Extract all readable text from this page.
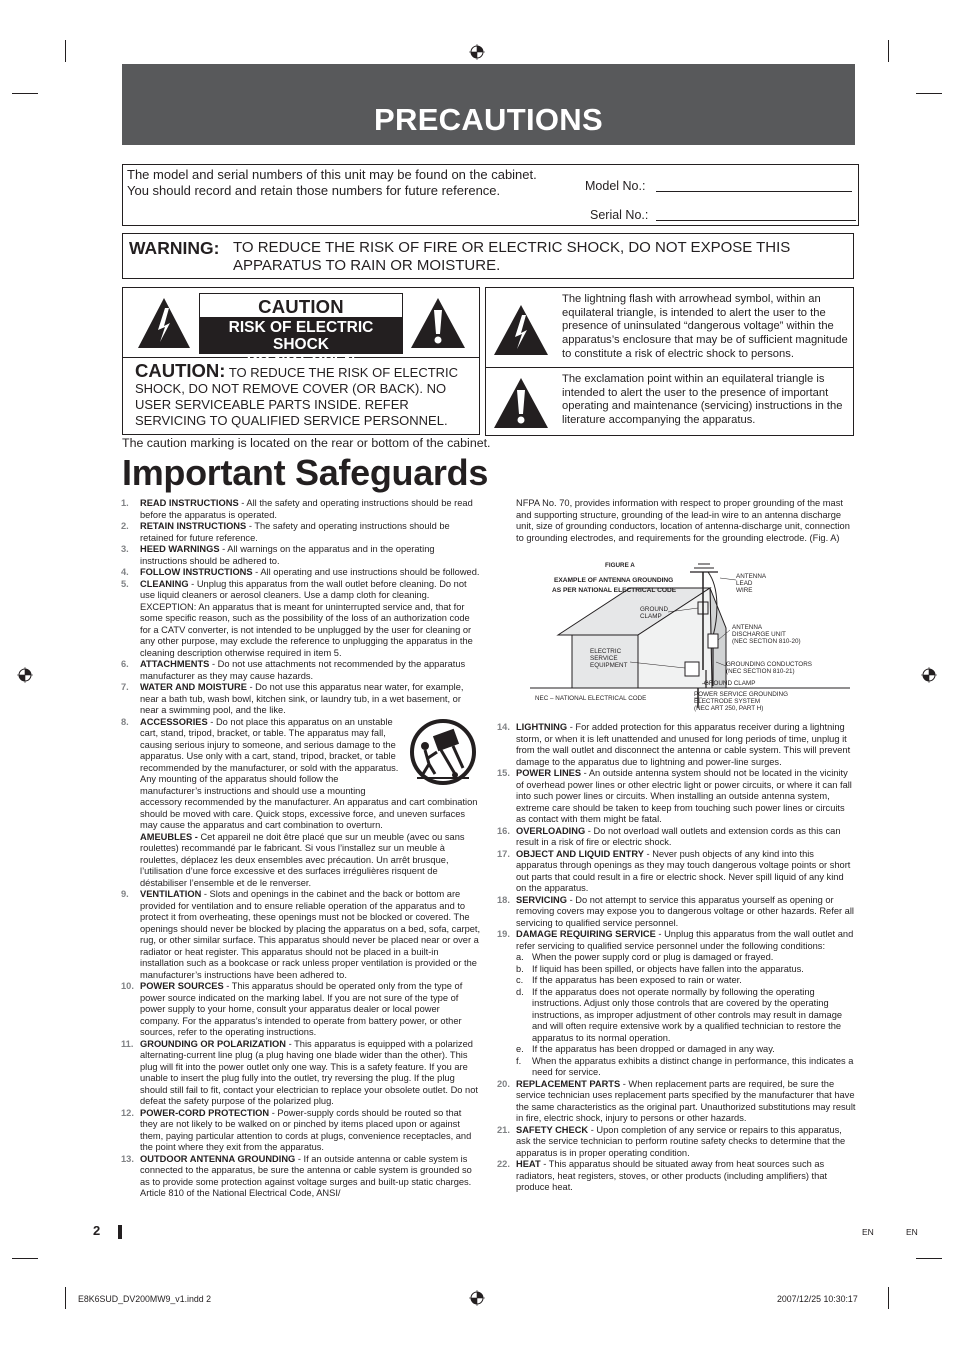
PRECAUTIONS
The model and serial numbers of this unit may be found on the cabinet.
You should record and retain those numbers for future reference.	Model No.:
Serial No.:
WARNING: TO REDUCE THE RISK OF FIRE OR ELECTRIC SHOCK, DO NOT EXPOSE THIS APPARATUS TO RAIN OR MOISTURE.
CAUTION: TO REDUCE THE RISK OF ELECTRIC SHOCK, DO NOT REMOVE COVER (OR BACK). NO USER SERVICEABLE PARTS INSIDE. REFER SERVICING TO QUALIFIED SERVICE PERSONNEL.
CAUTION
RISK OF ELECTRIC SHOCK
DO NOT OPEN
The lightning flash with arrowhead symbol, within an equilateral triangle, is intended to alert the user to the presence of uninsulated “dangerous voltage” within the apparatus’s enclosure that may be of sufficient magnitude to constitute a risk of electric shock to persons.
The exclamation point within an equilateral triangle is intended to alert the user to the presence of important operating and maintenance (servicing) instructions in the literature accompanying the apparatus.
The caution marking is located on the rear or bottom of the cabinet.
Important Safeguards
1. READ INSTRUCTIONS - All the safety and operating instructions should be read before the apparatus is operated.
2. RETAIN INSTRUCTIONS - The safety and operating instructions should be retained for future reference.
3. HEED WARNINGS - All warnings on the apparatus and in the operating instructions should be adhered to.
4. FOLLOW INSTRUCTIONS - All operating and use instructions should be followed.
5. CLEANING - Unplug this apparatus from the wall outlet before cleaning. Do not use liquid cleaners or aerosol cleaners. Use a damp cloth for cleaning. EXCEPTION: An apparatus that is meant for uninterrupted service and, that for some specific reason, such as the possibility of the loss of an authorization code for a CATV converter, is not intended to be unplugged by the user for cleaning or any other purpose, may exclude the reference to unplugging the apparatus in the cleaning description otherwise required in item 5.
6. ATTACHMENTS - Do not use attachments not recommended by the apparatus manufacturer as they may cause hazards.
7. WATER AND MOISTURE - Do not use this apparatus near water, for example, near a bath tub, wash bowl, kitchen sink, or laundry tub, in a wet basement, or near a swimming pool, and the like.
8. ACCESSORIES - Do not place this apparatus on an unstable cart, stand, tripod, bracket, or table. The apparatus may fall, causing serious injury to someone, and serious damage to the apparatus. Use only with a cart, stand, tripod, bracket, or table recommended by the manufacturer, or sold with the apparatus. Any mounting of the apparatus should follow the manufacturer’s instructions and should use a mounting accessory recommended by the manufacturer. An apparatus and cart combination should be moved with care. Quick stops, excessive force, and uneven surfaces may cause the apparatus and cart combination to overturn.
AMEUBLES - Cet appareil ne doit être placé que sur un meuble (avec ou sans roulettes) recommandé par le fabricant. Si vous l’installez sur un meuble à roulettes, déplacez les deux ensembles avec précaution. Un arrêt brusque, l’utilisation d’une force excessive et des surfaces irrégulières risquent de déstabiliser l’ensemble et de le renverser.
9. VENTILATION - Slots and openings in the cabinet and the back or bottom are provided for ventilation and to ensure reliable operation of the apparatus and to protect it from overheating, these openings must not be blocked or covered. The openings should never be blocked by placing the apparatus on a bed, sofa, carpet, rug, or other similar surface. This apparatus should never be placed near or over a radiator or heat register. This apparatus should not be placed in a built-in installation such as a bookcase or rack unless proper ventilation is provided or the manufacturer’s instructions have been adhered to.
10. POWER SOURCES - This apparatus should be operated only from the type of power source indicated on the marking label. If you are not sure of the type of power supply to your home, consult your apparatus dealer or local power company. For the apparatus’s intended to operate from battery power, or other sources, refer to the operating instructions.
11. GROUNDING OR POLARIZATION - This apparatus is equipped with a polarized alternating-current line plug (a plug having one blade wider than the other). This plug will fit into the power outlet only one way. This is a safety feature. If you are unable to insert the plug fully into the outlet, try reversing the plug. If the plug should still fail to fit, contact your electrician to replace your obsolete outlet. Do not defeat the safety purpose of the polarized plug.
12. POWER-CORD PROTECTION - Power-supply cords should be routed so that they are not likely to be walked on or pinched by items placed upon or against them, paying particular attention to cords at plugs, convenience receptacles, and the point where they exit from the apparatus.
13. OUTDOOR ANTENNA GROUNDING - If an outside antenna or cable system is connected to the apparatus, be sure the antenna or cable system is grounded so as to provide some protection against voltage surges and built-up static charges. Article 810 of the National Electrical Code, ANSI/
NFPA No. 70, provides information with respect to proper grounding of the mast and supporting structure, grounding of the lead-in wire to an antenna discharge unit, size of grounding conductors, location of antenna-discharge unit, connection to grounding electrodes, and requirements for the grounding electrode. (Fig. A)
FIGURE A
EXAMPLE OF ANTENNA GROUNDING
AS PER NATIONAL ELECTRICAL CODE
ANTENNA
LEAD
WIRE
GROUND
CLAMP
ANTENNA
DISCHARGE UNIT
(NEC SECTION 810-20)
ELECTRIC
SERVICE
EQUIPMENT	GROUNDING CONDUCTORS
(NEC SECTION 810-21)
GROUND CLAMP
NEC – NATIONAL ELECTRICAL CODE
POWER SERVICE GROUNDING
ELECTRODE SYSTEM
(NEC ART 250, PART H)
14. LIGHTNING - For added protection for this apparatus receiver during a lightning storm, or when it is left unattended and unused for long periods of time, unplug it from the wall outlet and disconnect the antenna or cable system. This will prevent damage to the apparatus due to lightning and power-line surges.
15. POWER LINES - An outside antenna system should not be located in the vicinity of overhead power lines or other electric light or power circuits, or where it can fall into such power lines or circuits. When installing an outside antenna system, extreme care should be taken to keep from touching such power lines or circuits as contact with them might be fatal.
16. OVERLOADING - Do not overload wall outlets and extension cords as this can result in a risk of fire or electric shock.
17. OBJECT AND LIQUID ENTRY - Never push objects of any kind into this apparatus through openings as they may touch dangerous voltage points or short out parts that could result in a fire or electric shock. Never spill liquid of any kind on the apparatus.
18. SERVICING - Do not attempt to service this apparatus yourself as opening or removing covers may expose you to dangerous voltage or other hazards. Refer all servicing to qualified service personnel.
19. DAMAGE REQUIRING SERVICE - Unplug this apparatus from the wall outlet and refer servicing to qualified service personnel under the following conditions:
a. When the power supply cord or plug is damaged or frayed.
b. If liquid has been spilled, or objects have fallen into the apparatus.
c. If the apparatus has been exposed to rain or water.
d. If the apparatus does not operate normally by following the operating instructions. Adjust only those controls that are covered by the operating instructions, as improper adjustment of other controls may result in damage and will often require extensive work by a qualified technician to restore the apparatus to its normal operation.
e. If the apparatus has been dropped or damaged in any way.
f. When the apparatus exhibits a distinct change in performance, this indicates a need for service.
20. REPLACEMENT PARTS - When replacement parts are required, be sure the service technician uses replacement parts specified by the manufacturer that have the same characteristics as the original part. Unauthorized substitutions may result in fire, electric shock, injury to persons or other hazards.
21. SAFETY CHECK - Upon completion of any service or repairs to this apparatus, ask the service technician to perform routine safety checks to determine that the apparatus is in proper operating condition.
22. HEAT - This apparatus should be situated away from heat sources such as radiators, heat registers, stoves, or other products (including amplifiers) that produce heat.
2	EN	EN
E8K6SUD_DV200MW9_v1.indd 2	2007/12/25 10:30:17
